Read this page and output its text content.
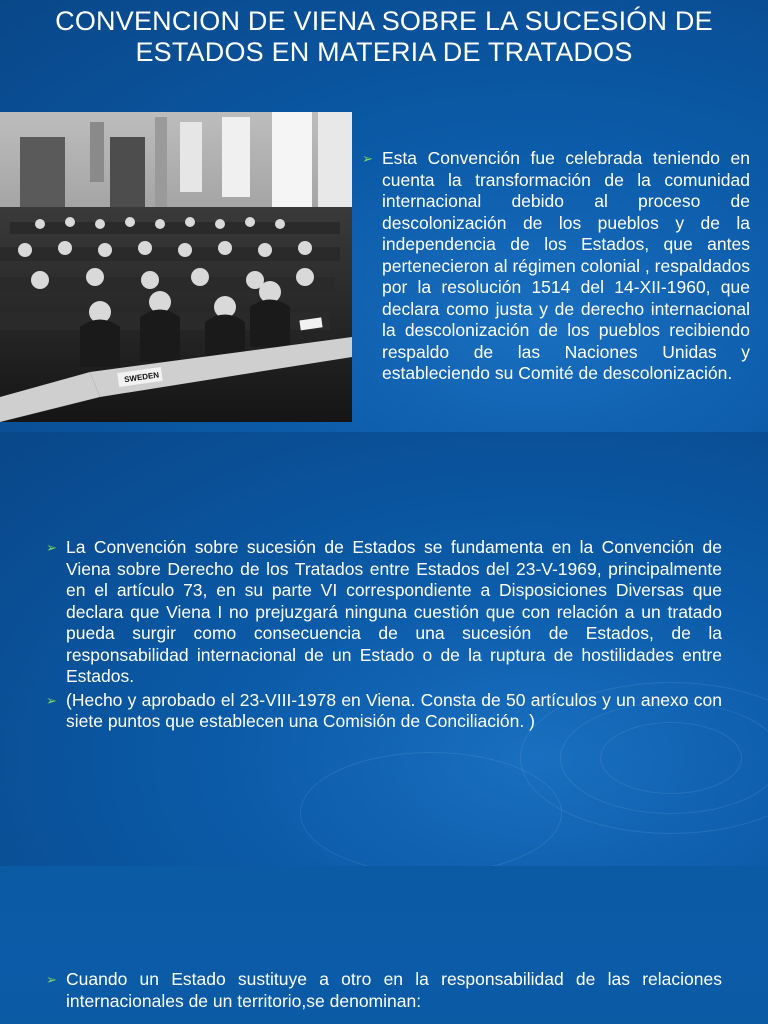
CONVENCION DE VIENA SOBRE LA SUCESIÓN DE ESTADOS EN MATERIA DE TRATADOS
SWEDEN
➢ Esta Convención fue celebrada teniendo en cuenta la transformación de la comunidad internacional debido al proceso de descolonización de los pueblos y de la independencia de los Estados, que antes pertenecieron al régimen colonial , respaldados por la resolución 1514 del 14-XII-1960, que declara como justa y de derecho internacional la descolonización de los pueblos recibiendo respaldo de las Naciones Unidas y estableciendo su Comité de descolonización.
➢ La Convención sobre sucesión de Estados se fundamenta en la Convención de Viena sobre Derecho de los Tratados entre Estados del 23-V-1969, principalmente en el artículo 73, en su parte VI correspondiente a Disposiciones Diversas que declara que Viena I no prejuzgará ninguna cuestión que con relación a un tratado pueda surgir como consecuencia de una sucesión de Estados, de la responsabilidad internacional de un Estado o de la ruptura de hostilidades entre Estados.
➢ (Hecho y aprobado el 23-VIII-1978 en Viena. Consta de 50 artículos y un anexo con siete puntos que establecen una Comisión de Conciliación. )
➢ Cuando un Estado sustituye a otro en la responsabilidad de las relaciones internacionales de un territorio,se denominan:
